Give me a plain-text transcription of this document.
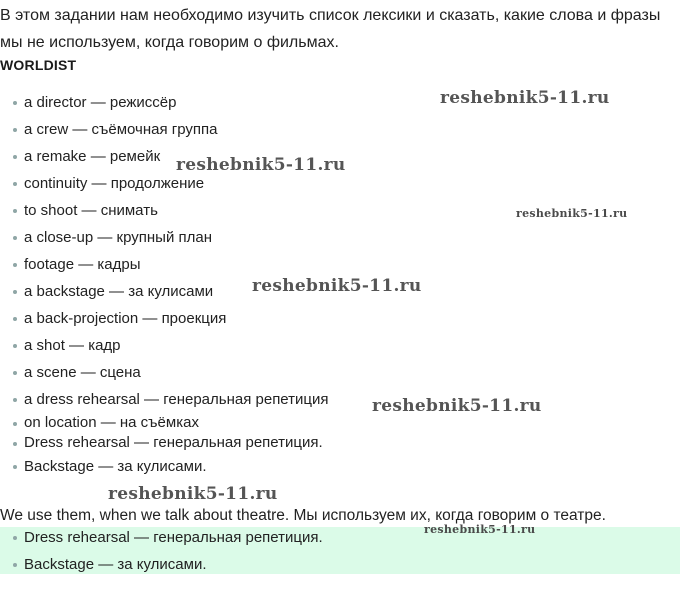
В этом задании нам необходимо изучить список лексики и сказать, какие слова и фразы мы не используем, когда говорим о фильмах.

WORLDIST

a director — режиссёр
a crew — съёмочная группа
a remake — ремейк
continuity — продолжение
to shoot — снимать
a close-up — крупный план
footage — кадры
a backstage — за кулисами
a back-projection — проекция
a shot — кадр
a scene — сцена
a dress rehearsal — генеральная репетиция
on location — на съёмках
Dress rehearsal — генеральная репетиция.
Backstage — за кулисами.

We use them, when we talk about theatre. Мы используем их, когда говорим о театре.

Dress rehearsal — генеральная репетиция.
Backstage — за кулисами.
reshebnik5-11.ru
reshebnik5-11.ru
reshebnik5-11.ru
reshebnik5-11.ru
reshebnik5-11.ru
reshebnik5-11.ru
reshebnik5-11.ru
